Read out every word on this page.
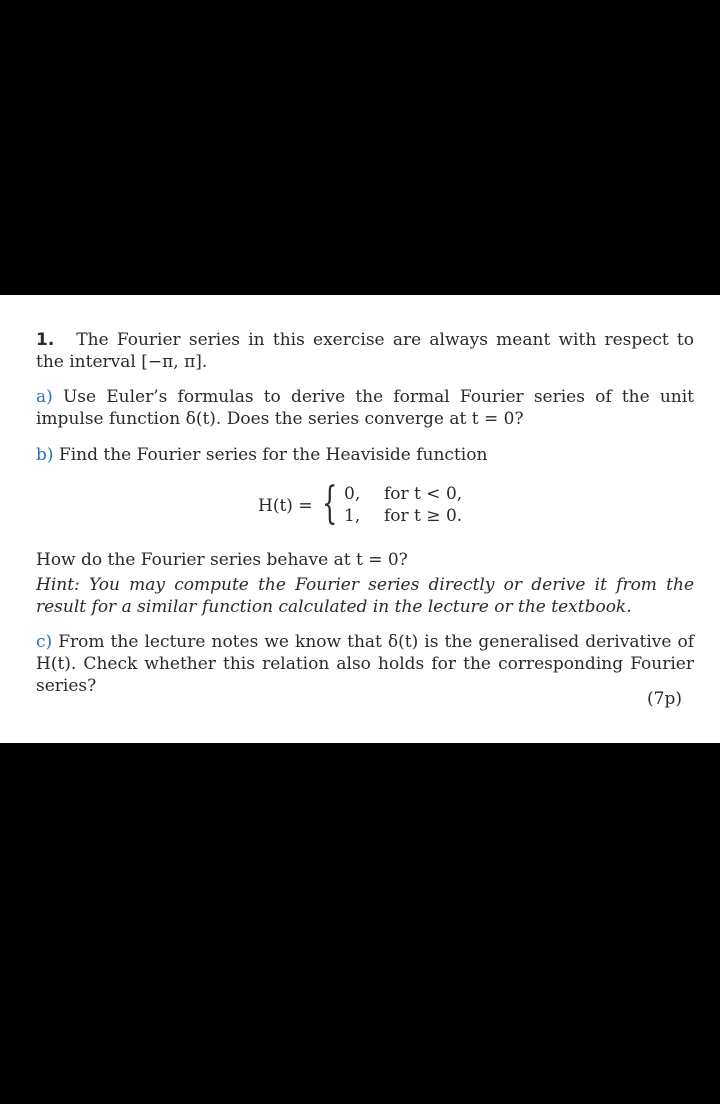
1. The Fourier series in this exercise are always meant with respect to the interval [−π, π].

a) Use Euler’s formulas to derive the formal Fourier series of the unit impulse function δ(t). Does the series converge at t = 0?

b) Find the Fourier series for the Heaviside function

H(t) = { 0, for t < 0,
1, for t ≥ 0.

How do the Fourier series behave at t = 0?

Hint: You may compute the Fourier series directly or derive it from the result for a similar function calculated in the lecture or the textbook.

c) From the lecture notes we know that δ(t) is the generalised derivative of H(t). Check whether this relation also holds for the corresponding Fourier series?

(7p)
